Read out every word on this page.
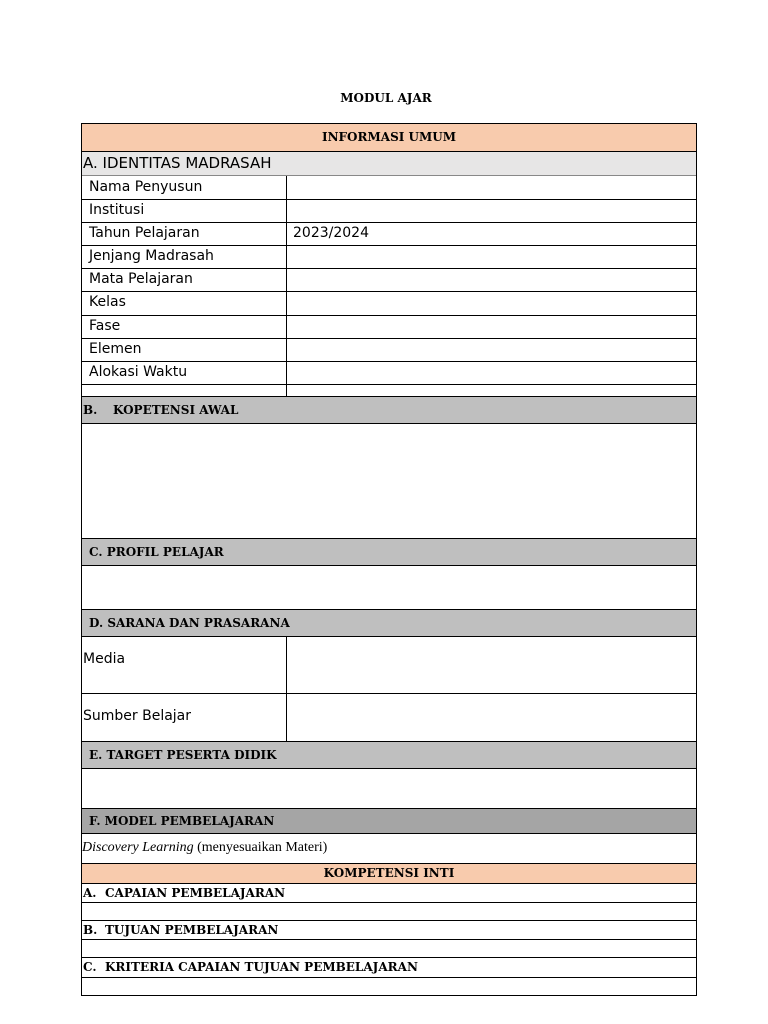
MODUL AJAR
INFORMASI UMUM
A. IDENTITAS MADRASAH
Nama Penyusun
Institusi
Tahun Pelajaran	2023/2024
Jenjang Madrasah
Mata Pelajaran
Kelas
Fase
Elemen
Alokasi Waktu
B. KOPETENSI AWAL
C. PROFIL PELAJAR
D. SARANA DAN PRASARANA
Media
Sumber Belajar
E. TARGET PESERTA DIDIK
F. MODEL PEMBELAJARAN
Discovery Learning (menyesuaikan Materi)
KOMPETENSI INTI
A. CAPAIAN PEMBELAJARAN
B. TUJUAN PEMBELAJARAN
C. KRITERIA CAPAIAN TUJUAN PEMBELAJARAN
